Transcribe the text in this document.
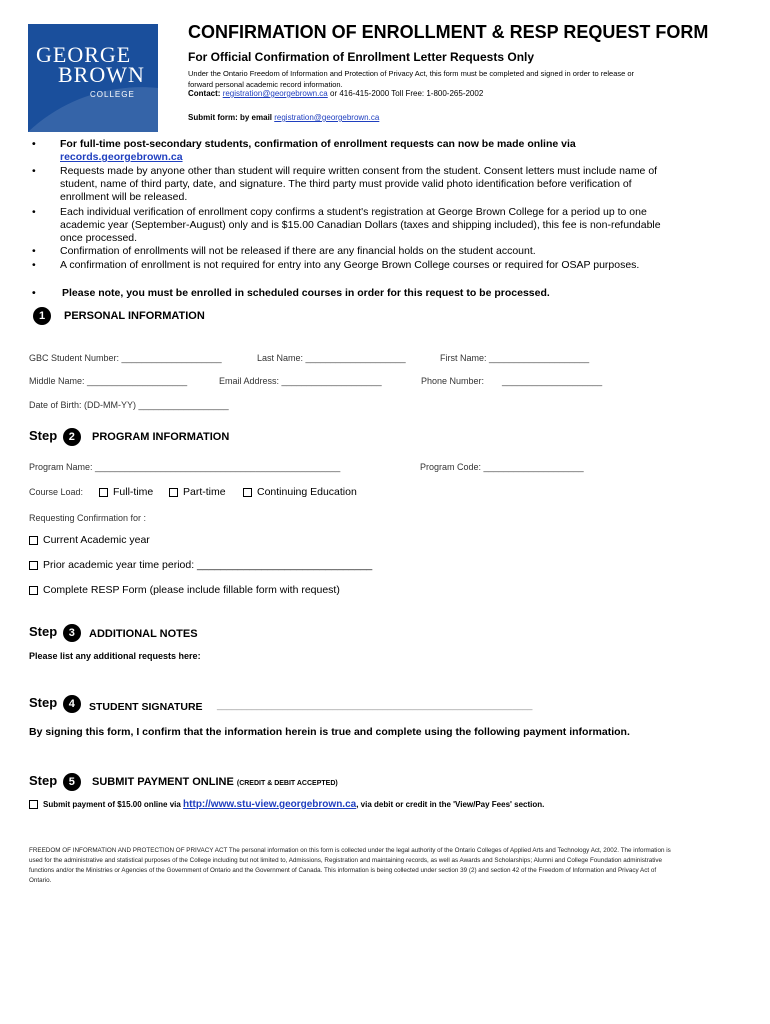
GEORGE
BROWN
COLLEGE
CONFIRMATION OF ENROLLMENT & RESP REQUEST FORM
For Official Confirmation of Enrollment Letter Requests Only
Under the Ontario Freedom of Information and Protection of Privacy Act, this form must be completed and signed in order to release or
forward personal academic record information.
Contact: registration@georgebrown.ca or 416-415-2000 Toll Free: 1-800-265-2002
Submit form: by email registration@georgebrown.ca
• For full-time post-secondary students, confirmation of enrollment requests can now be made online via
records.georgebrown.ca
• Requests made by anyone other than student will require written consent from the student. Consent letters must include name of
student, name of third party, date, and signature. The third party must provide valid photo identification before verification of
enrollment will be released.
• Each individual verification of enrollment copy confirms a student's registration at George Brown College for a period up to one
academic year (September-August) only and is $15.00 Canadian Dollars (taxes and shipping included), this fee is non-refundable
once processed.
• Confirmation of enrollments will not be released if there are any financial holds on the student account.
• A confirmation of enrollment is not required for entry into any George Brown College courses or required for OSAP purposes.
•	Please note, you must be enrolled in scheduled courses in order for this request to be processed.
1	PERSONAL INFORMATION
GBC Student Number: ____________________	Last Name: ____________________	First Name: ____________________
Middle Name: ____________________	Email Address: ____________________	Phone Number: ____________________
Date of Birth: (DD-MM-YY) __________________
Step 2	PROGRAM INFORMATION
Program Name: _________________________________________________	Program Code: ____________________
Course Load:	Full-time	Part-time	Continuing Education
Requesting Confirmation for :
Current Academic year
Prior academic year time period: ______________________________
Complete RESP Form (please include fillable form with request)
Step 3	ADDITIONAL NOTES
Please list any additional requests here:
Step 4	STUDENT SIGNATURE _______________________________________________________________
By signing this form, I confirm that the information herein is true and complete using the following payment information.
Step 5	SUBMIT PAYMENT ONLINE (CREDIT & DEBIT ACCEPTED)
Submit payment of $15.00 online via http://www.stu-view.georgebrown.ca, via debit or credit in the 'View/Pay Fees' section.
FREEDOM OF INFORMATION AND PROTECTION OF PRIVACY ACT The personal information on this form is collected under the legal authority of the Ontario Colleges of Applied Arts and Technology Act, 2002. The information is
used for the administrative and statistical purposes of the College including but not limited to, Admissions, Registration and maintaining records, as well as Awards and Scholarships; Alumni and College Foundation administrative
functions and/or the Ministries or Agencies of the Government of Ontario and the Government of Canada. This information is being collected under section 39 (2) and section 42 of the Freedom of Information and Privacy Act of
Ontario.
